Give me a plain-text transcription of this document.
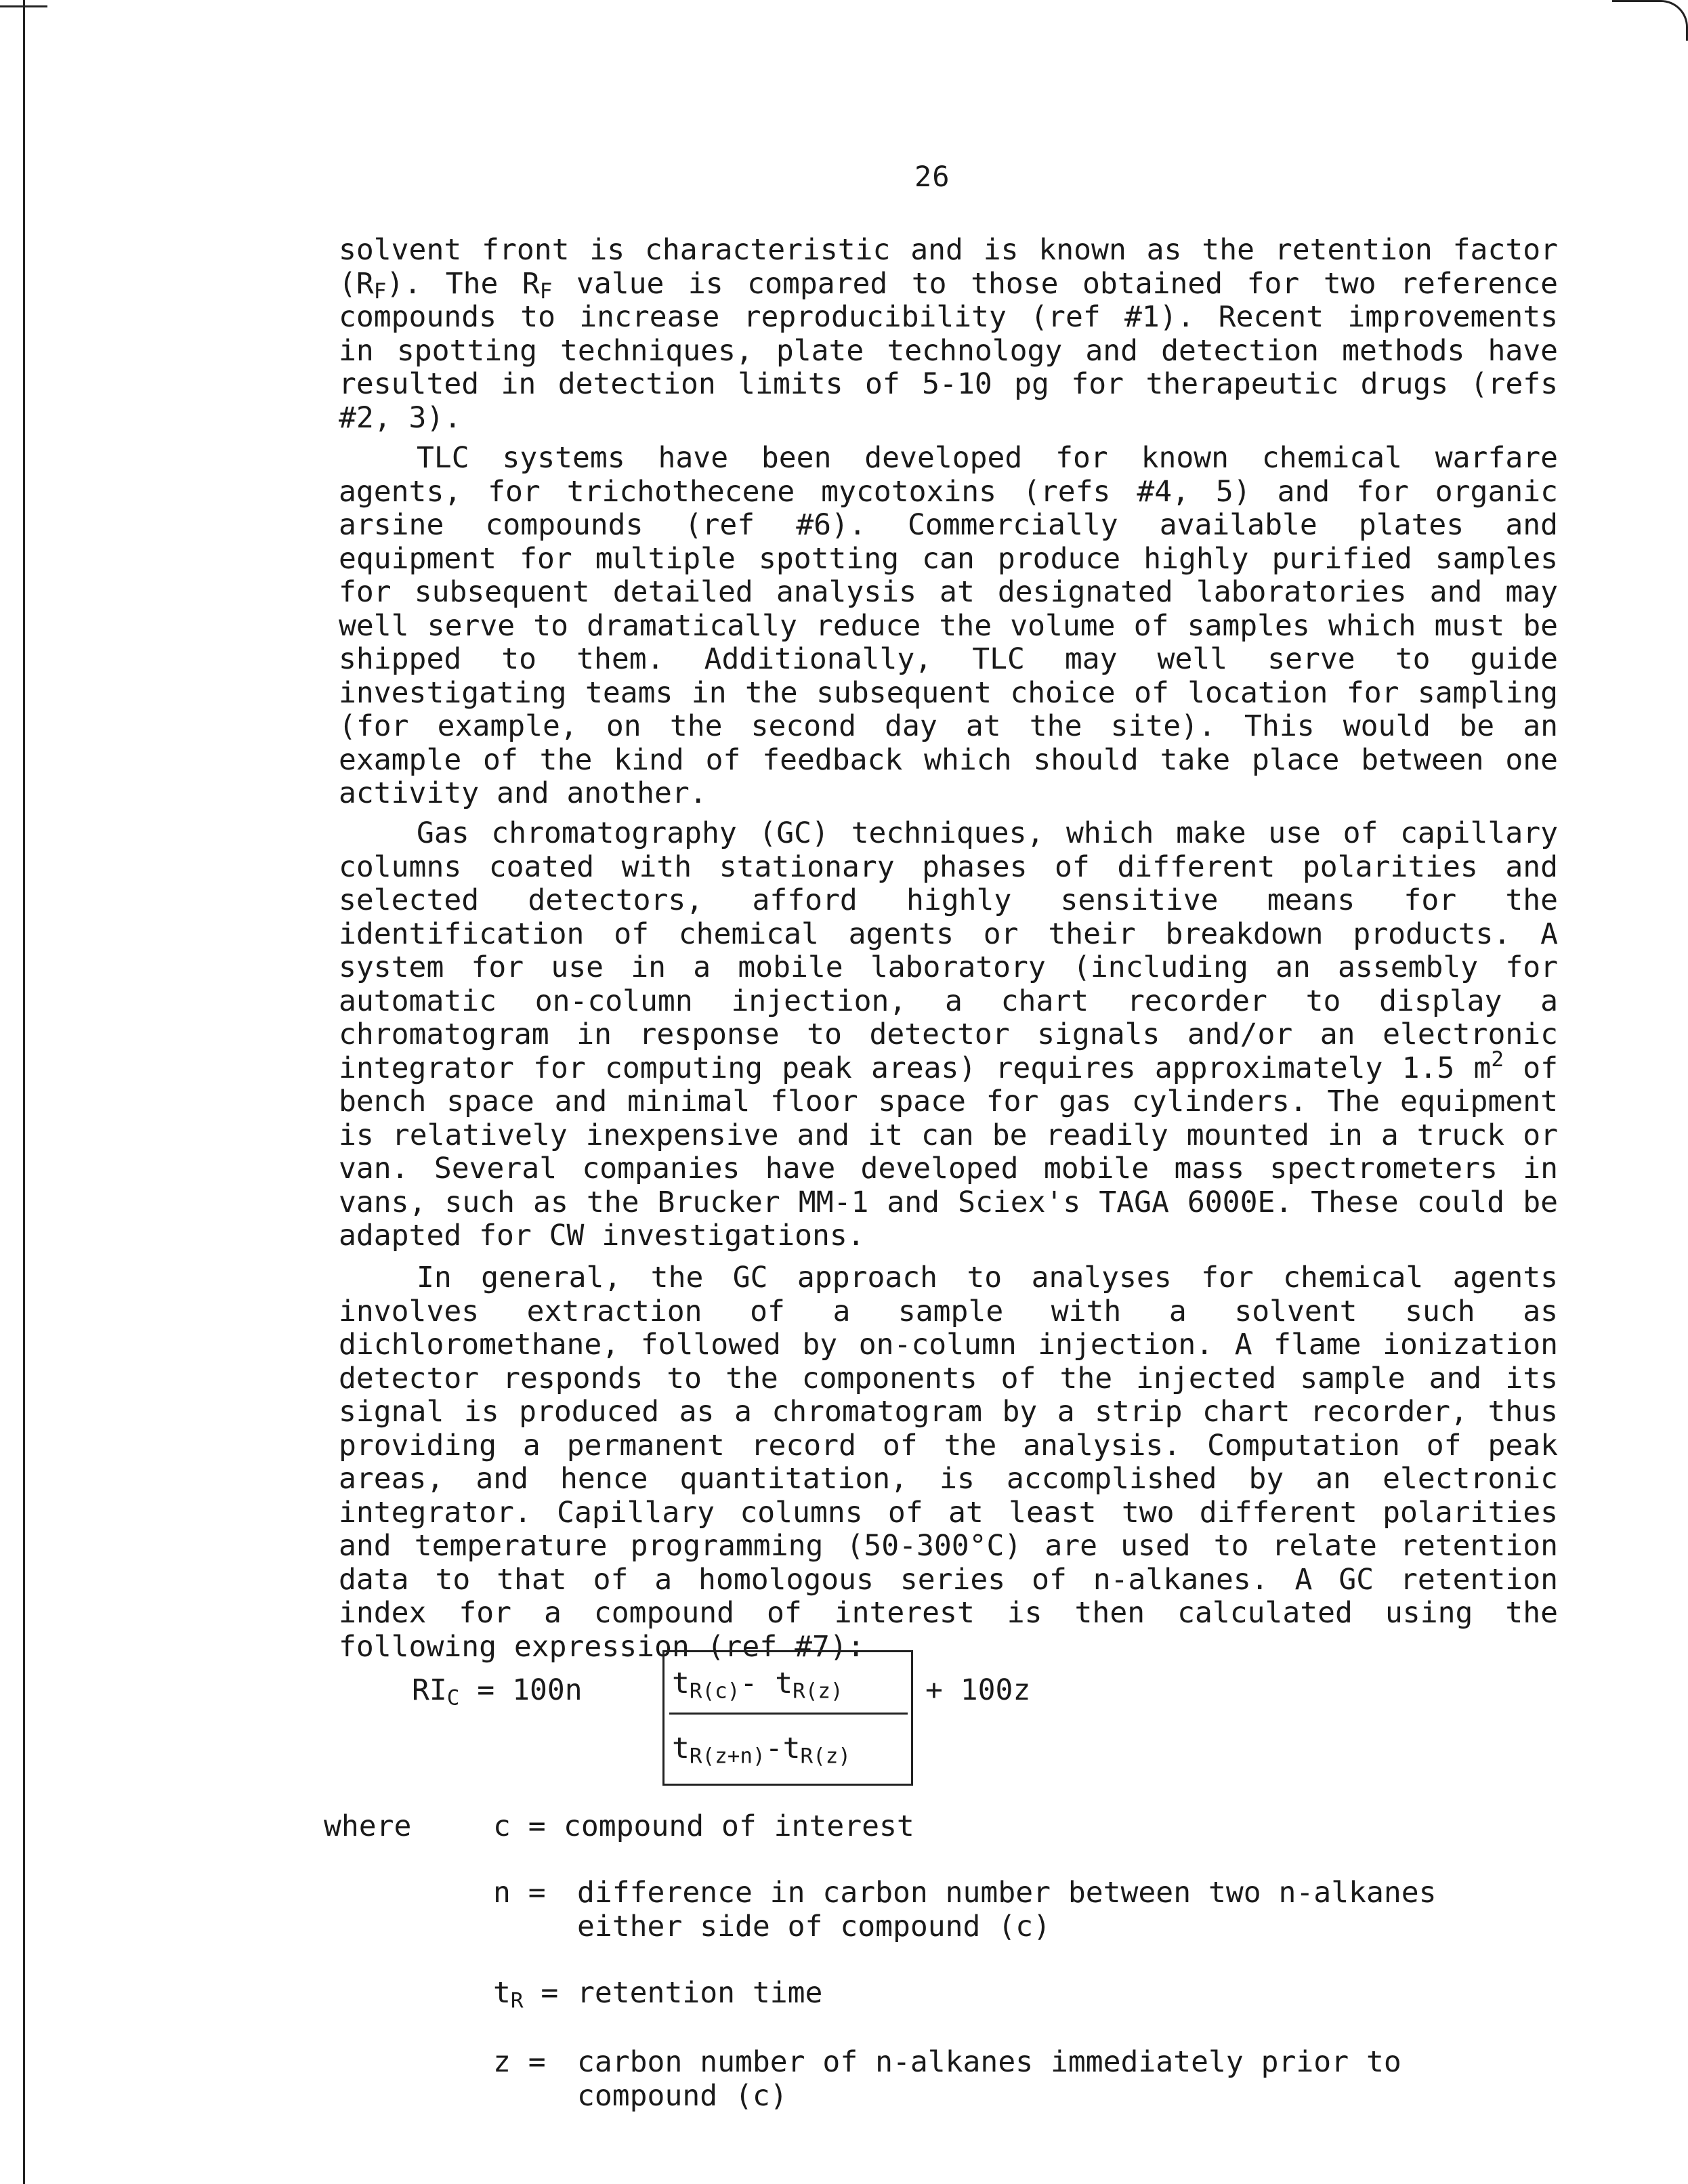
26

solvent front is characteristic and is known as the retention factor $(R_F)$. The $R_F$ value is compared to those obtained for two reference compounds to increase reproducibility (ref #1). Recent improvements in spotting techniques, plate technology and detection methods have resulted in detection limits of 5-10 pg for therapeutic drugs (refs #2, 3).

TLC systems have been developed for known chemical warfare agents, for trichothecene mycotoxins (refs #4, 5) and for organic arsine compounds (ref #6). Commercially available plates and equipment for multiple spotting can produce highly purified samples for subsequent detailed analysis at designated laboratories and may well serve to dramatically reduce the volume of samples which must be shipped to them. Additionally, TLC may well serve to guide investigating teams in the subsequent choice of location for sampling (for example, on the second day at the site). This would be an example of the kind of feedback which should take place between one activity and another.

Gas chromatography (GC) techniques, which make use of capillary columns coated with stationary phases of different polarities and selected detectors, afford highly sensitive means for the identification of chemical agents or their breakdown products. A system for use in a mobile laboratory (including an assembly for automatic on-column injection, a chart recorder to display a chromatogram in response to detector signals and/or an electronic integrator for computing peak areas) requires approximately 1.5 $m^2$ of bench space and minimal floor space for gas cylinders. The equipment is relatively inexpensive and it can be readily mounted in a truck or van. Several companies have developed mobile mass spectrometers in vans, such as the Brucker MM-1 and Sciex's TAGA 6000E. These could be adapted for CW investigations.

In general, the GC approach to analyses for chemical agents involves extraction of a sample with a solvent such as dichloromethane, followed by on-column injection. A flame ionization detector responds to the components of the injected sample and its signal is produced as a chromatogram by a strip chart recorder, thus providing a permanent record of the analysis. Computation of peak areas, and hence quantitation, is accomplished by an electronic integrator. Capillary columns of at least two different polarities and temperature programming (50-300°C) are used to relate retention data to that of a homologous series of n-alkanes. A GC retention index for a compound of interest is then calculated using the following expression (ref #7):

$RI_C = 100n$	$t_{R(c)}-$ $t_{R(z)}$
$t_{R(z+n)}-t_{R(z)}$
+ 100z
where	c = compound of interest
n = difference in carbon number between two n-alkanes either side of compound (c)
$t_R$ = retention time
z = carbon number of n-alkanes immediately prior to compound (c)
